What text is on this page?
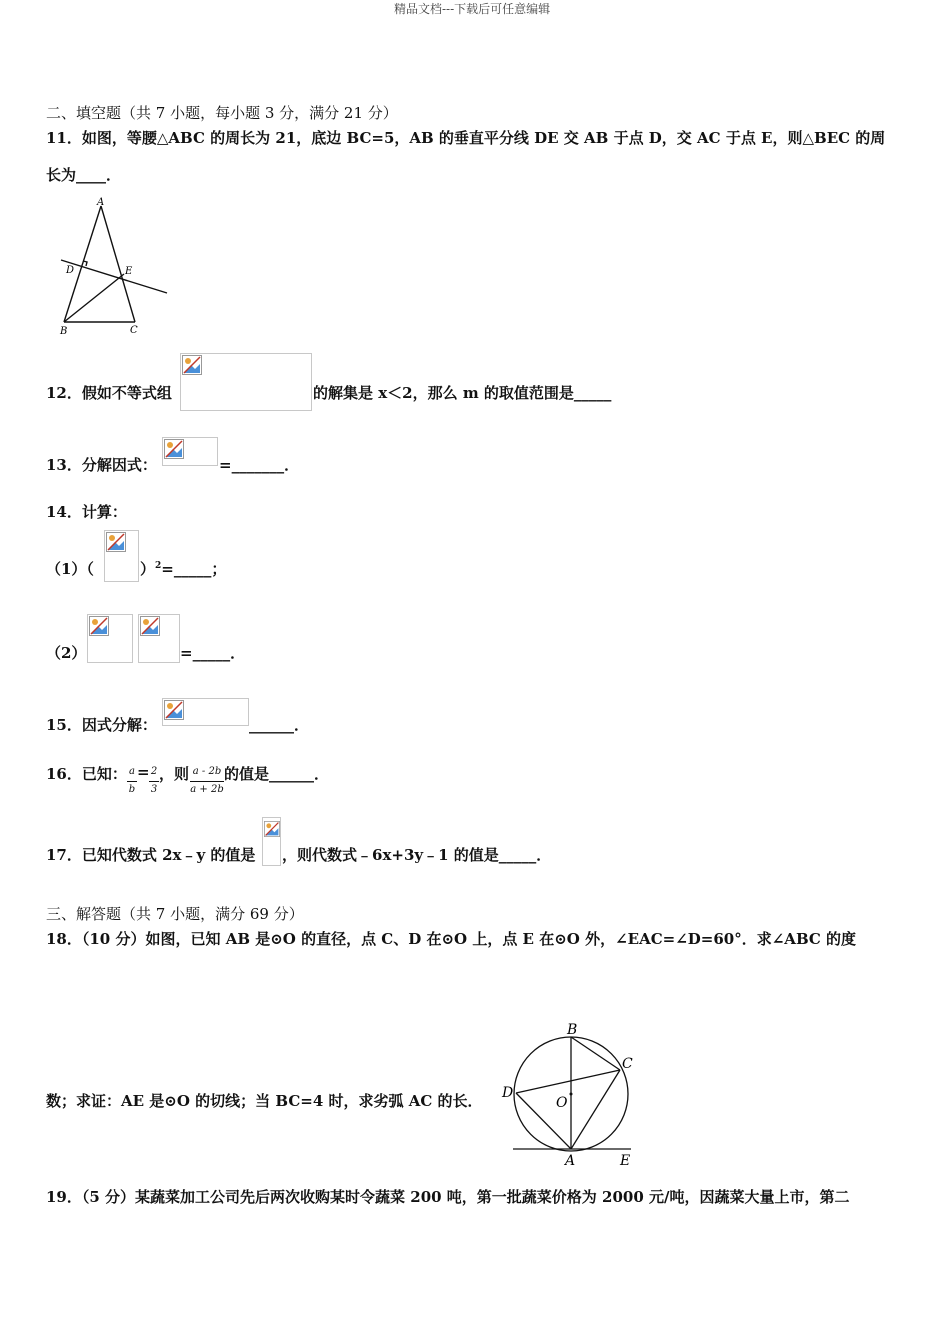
精品文档---下载后可任意编辑
二、填空题（共 7 小题，每小题 3 分，满分 21 分）
11．如图，等腰△ABC 的周长为 21，底边 BC=5，AB 的垂直平分线 DE 交 AB 于点 D，交 AC 于点 E，则△BEC 的周
长为____．
A
D	E
B	C
12．假如不等式组	的解集是 x＜2，那么 m 的取值范围是_____
13．分解因式：	=_______．
14．计算：
（1）（	）$^2$=_____；
（2）	=_____．
15．因式分解：	______．
16．已知： a
b
= 2
3
，则 a - 2b
a + 2b
的值是______．
17．已知代数式 2x﹣y 的值是 ，则代数式﹣6x+3y﹣1 的值是_____．
三、解答题（共 7 小题，满分 69 分）
18．（10 分）如图，已知 AB 是⊙O 的直径，点 C、D 在⊙O 上，点 E 在⊙O 外，∠EAC=∠D=60°．求∠ABC 的度
数；求证：AE 是⊙O 的切线；当 BC=4 时，求劣弧 AC 的长．
B
C
D
O
A	E
19．（5 分）某蔬菜加工公司先后两次收购某时令蔬菜 200 吨，第一批蔬菜价格为 2000 元/吨，因蔬菜大量上市，第二
